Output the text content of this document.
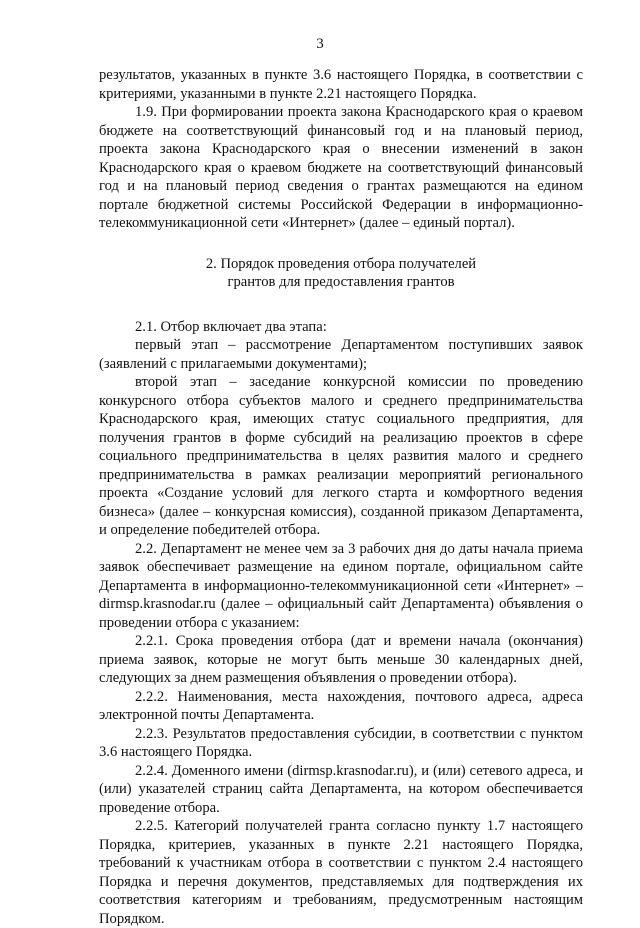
3

результатов, указанных в пункте 3.6 настоящего Порядка, в соответствии с критериями, указанными в пункте 2.21 настоящего Порядка.

1.9. При формировании проекта закона Краснодарского края о краевом бюджете на соответствующий финансовый год и на плановый период, проекта закона Краснодарского края о внесении изменений в закон Краснодарского края о краевом бюджете на соответствующий финансовый год и на плановый период сведения о грантах размещаются на едином портале бюджетной системы Российской Федерации в информационно-телекоммуникационной сети «Интернет» (далее – единый портал).

2. Порядок проведения отбора получателей
грантов для предоставления грантов

2.1. Отбор включает два этапа:

первый этап – рассмотрение Департаментом поступивших заявок (заявлений с прилагаемыми документами);

второй этап – заседание конкурсной комиссии по проведению конкурсного отбора субъектов малого и среднего предпринимательства Краснодарского края, имеющих статус социального предприятия, для получения грантов в форме субсидий на реализацию проектов в сфере социального предпринимательства в целях развития малого и среднего предпринимательства в рамках реализации мероприятий регионального проекта «Создание условий для легкого старта и комфортного ведения бизнеса» (далее – конкурсная комиссия), созданной приказом Департамента, и определение победителей отбора.

2.2. Департамент не менее чем за 3 рабочих дня до даты начала приема заявок обеспечивает размещение на едином портале, официальном сайте Департамента в информационно-телекоммуникационной сети «Интернет» – dirmsp.krasnodar.ru (далее – официальный сайт Департамента) объявления о проведении отбора с указанием:

2.2.1. Срока проведения отбора (дат и времени начала (окончания) приема заявок, которые не могут быть меньше 30 календарных дней, следующих за днем размещения объявления о проведении отбора).

2.2.2. Наименования, места нахождения, почтового адреса, адреса электронной почты Департамента.

2.2.3. Результатов предоставления субсидии, в соответствии с пунктом 3.6 настоящего Порядка.

2.2.4. Доменного имени (dirmsp.krasnodar.ru), и (или) сетевого адреса, и (или) указателей страниц сайта Департамента, на котором обеспечивается проведение отбора.

2.2.5. Категорий получателей гранта согласно пункту 1.7 настоящего Порядка, критериев, указанных в пункте 2.21 настоящего Порядка, требований к участникам отбора в соответствии с пунктом 2.4 настоящего Порядка и перечня документов, представляемых для подтверждения их соответствия категориям и требованиям, предусмотренным настоящим Порядком.
